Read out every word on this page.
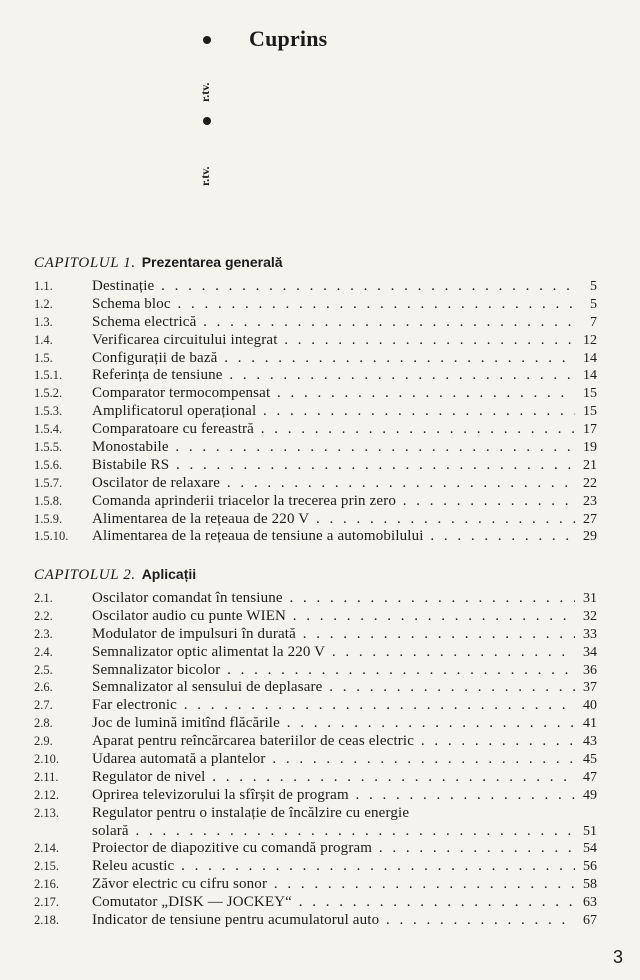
Cuprins
r.tv.
r.tv.
CAPITOLUL 1. Prezentarea generală
1.1.	Destinație . . .	5
1.2.	Schema bloc . . .	5
1.3.	Schema electrică . . .	7
1.4.	Verificarea circuitului integrat . . .	12
1.5.	Configurații de bază . . .	14
1.5.1.	Referința de tensiune . . .	14
1.5.2.	Comparator termocompensat . . .	15
1.5.3.	Amplificatorul operațional . . .	15
1.5.4.	Comparatoare cu fereastră . . .	17
1.5.5.	Monostabile . . .	19
1.5.6.	Bistabile RS . . .	21
1.5.7.	Oscilator de relaxare . . .	22
1.5.8.	Comanda aprinderii triacelor la trecerea prin zero . . .	23
1.5.9.	Alimentarea de la rețeaua de 220 V . . .	27
1.5.10.	Alimentarea de la rețeaua de tensiune a automobilului . . .	29
CAPITOLUL 2. Aplicații
2.1.	Oscilator comandat în tensiune . . .	31
2.2.	Oscilator audio cu punte WIEN . . .	32
2.3.	Modulator de impulsuri în durată . . .	33
2.4.	Semnalizator optic alimentat la 220 V . . .	34
2.5.	Semnalizator bicolor . . .	36
2.6.	Semnalizator al sensului de deplasare . . .	37
2.7.	Far electronic . . .	40
2.8.	Joc de lumină imitînd flăcările . . .	41
2.9.	Aparat pentru reîncărcarea bateriilor de ceas electric . . .	43
2.10.	Udarea automată a plantelor . . .	45
2.11.	Regulator de nivel . . .	47
2.12.	Oprirea televizorului la sfîrșit de program . . .	49
2.13.	Regulator pentru o instalație de încălzire cu energie
solară . . .	51
2.14.	Proiector de diapozitive cu comandă program . . .	54
2.15.	Releu acustic . . .	56
2.16.	Zăvor electric cu cifru sonor . . .	58
2.17.	Comutator „DISK — JOCKEY“ . . .	63
2.18.	Indicator de tensiune pentru acumulatorul auto . . .	67
3
